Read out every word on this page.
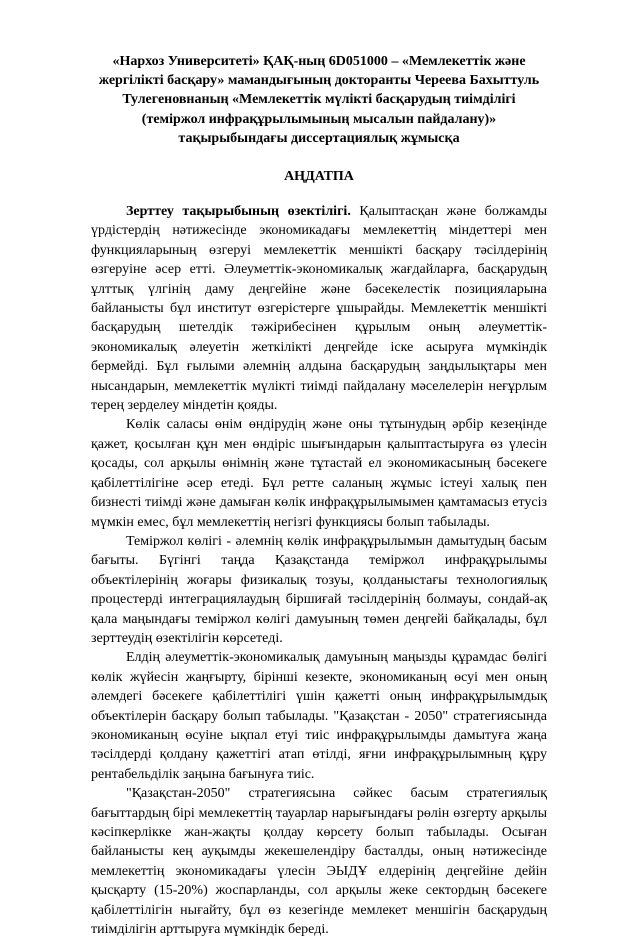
«Нархоз Университеті» ҚАҚ-ның 6D051000 – «Мемлекеттік және жергілікті басқару» мамандығының докторанты Череева Бахыттуль Тулегеновнаның «Мемлекеттік мүлікті басқарудың тиімділігі (теміржол инфрақұрылымының мысалын пайдалану)» тақырыбындағы диссертациялық жұмысқа

АҢДАТПА

Зерттеу тақырыбының өзектілігі. Қалыптасқан және болжамды үрдістердің нәтижесінде экономикадағы мемлекеттің міндеттері мен функцияларының өзгеруі мемлекеттік меншікті басқару тәсілдерінің өзгеруіне әсер етті. Әлеуметтік-экономикалық жағдайларға, басқарудың ұлттық үлгінің даму деңгейіне және бәсекелестік позицияларына байланысты бұл институт өзгерістерге ұшырайды. Мемлекеттік меншікті басқарудың шетелдік тәжірибесінен құрылым оның әлеуметтік-экономикалық әлеуетін жеткілікті деңгейде іске асыруға мүмкіндік бермейді. Бұл ғылыми әлемнің алдына басқарудың заңдылықтары мен нысандарын, мемлекеттік мүлікті тиімді пайдалану мәселелерін неғұрлым терең зерделеу міндетін қояды.

Көлік саласы өнім өндірудің және оны тұтынудың әрбір кезеңінде қажет, қосылған құн мен өндіріс шығындарын қалыптастыруға өз үлесін қосады, сол арқылы өнімнің және тұтастай ел экономикасының бәсекеге қабілеттілігіне әсер етеді. Бұл ретте саланың жұмыс істеуі халық пен бизнесті тиімді және дамыған көлік инфрақұрылымымен қамтамасыз етусіз мүмкін емес, бұл мемлекеттің негізгі функциясы болып табылады.

Теміржол көлігі - әлемнің көлік инфрақұрылымын дамытудың басым бағыты. Бүгінгі таңда Қазақстанда теміржол инфрақұрылымы объектілерінің жоғары физикалық тозуы, қолданыстағы технологиялық процестерді интеграциялаудың біршиғай тәсілдерінің болмауы, сондай-ақ қала маңындағы теміржол көлігі дамуының төмен деңгейі байқалады, бұл зерттеудің өзектілігін көрсетеді.

Елдің әлеуметтік-экономикалық дамуының маңызды құрамдас бөлігі көлік жүйесін жаңғырту, бірінші кезекте, экономиканың өсуі мен оның әлемдегі бәсекеге қабілеттілігі үшін қажетті оның инфрақұрылымдық объектілерін басқару болып табылады. "Қазақстан - 2050" стратегиясында экономиканың өсуіне ықпал етуі тиіс инфрақұрылымды дамытуға жаңа тәсілдерді қолдану қажеттігі атап өтілді, яғни инфрақұрылымның құру рентабельділік заңына бағынуға тиіс.

"Қазақстан-2050" стратегиясына сәйкес басым стратегиялық бағыттардың бірі мемлекеттің тауарлар нарығындағы рөлін өзгерту арқылы кәсіпкерлікке жан-жақты қолдау көрсету болып табылады. Осыған байланысты кең ауқымды жекешелендіру басталды, оның нәтижесінде мемлекеттің экономикадағы үлесін ЭЫДҰ елдерінің деңгейіне дейін қысқарту (15-20%) жоспарланды, сол арқылы жеке сектордың бәсекеге қабілеттілігін нығайту, бұл өз кезегінде мемлекет меншігін басқарудың тиімділігін арттыруға мүмкіндік береді.
